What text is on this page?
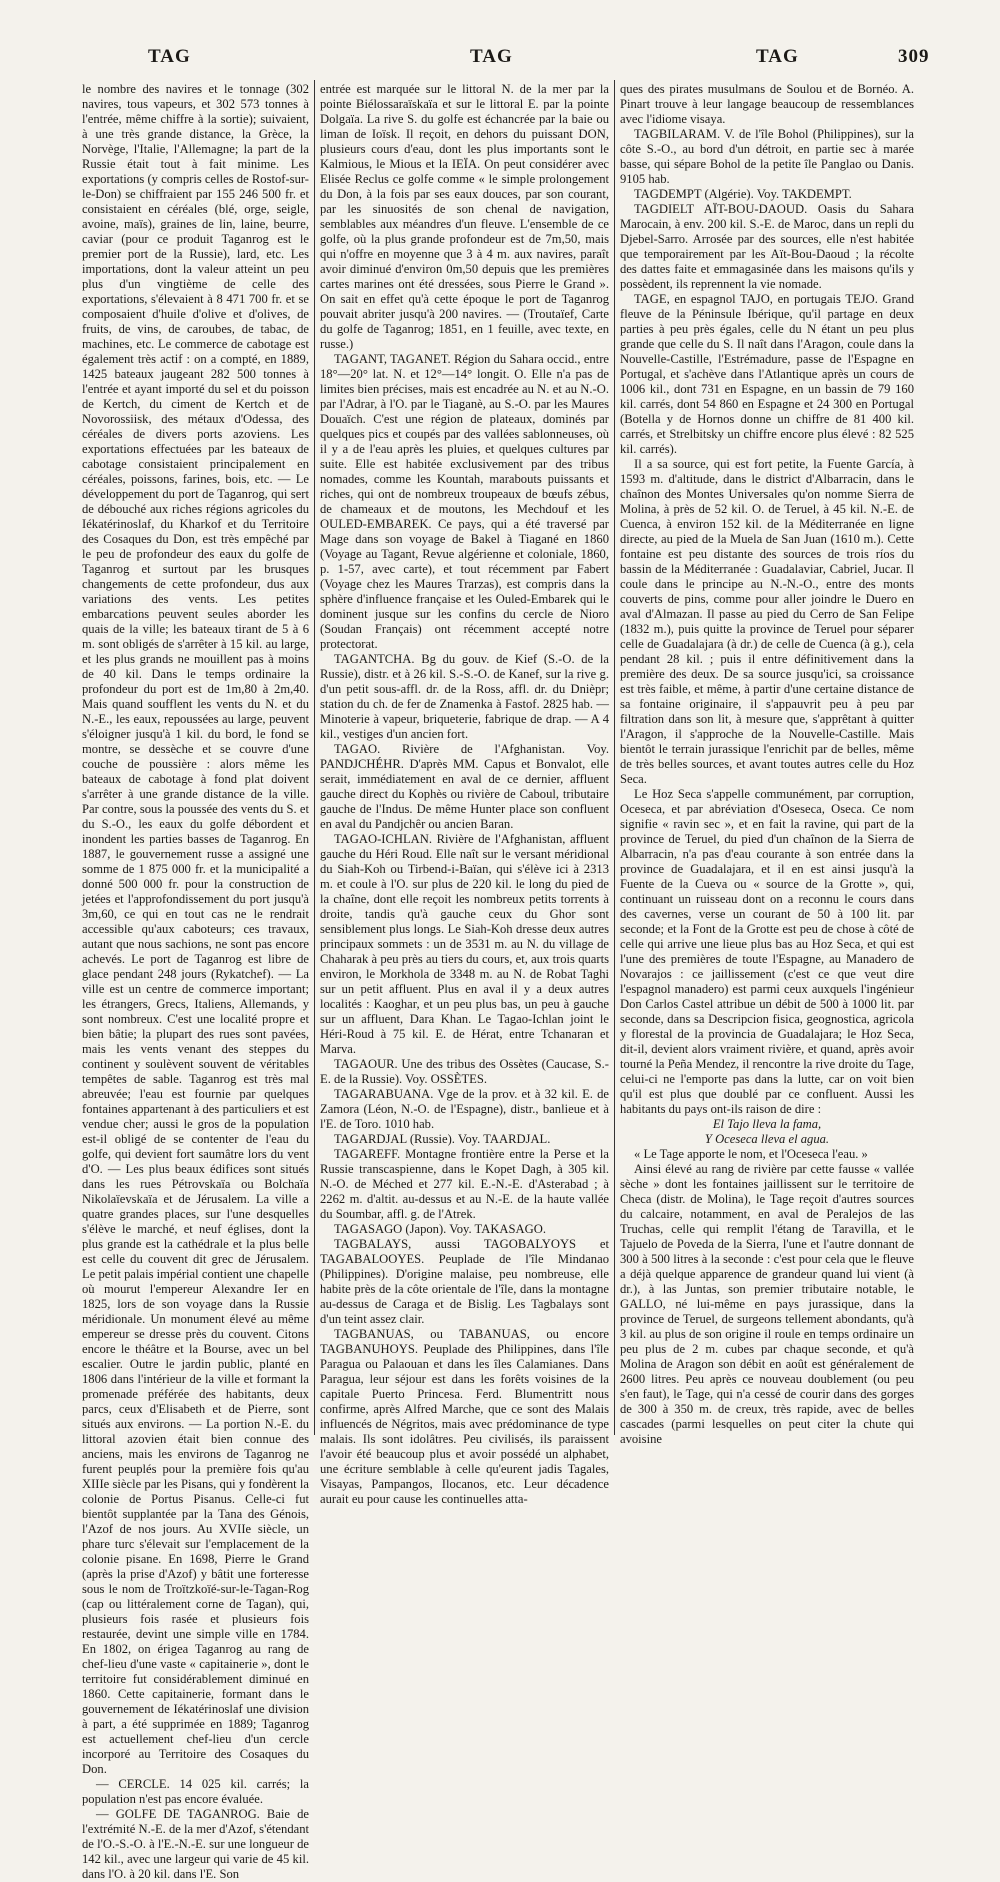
TAG	TAG	TAG	309

le nombre des navires et le tonnage (302 navires, tous vapeurs, et 302 573 tonnes à l'entrée, même chiffre à la sortie); suivaient, à une très grande distance, la Grèce, la Norvège, l'Italie, l'Allemagne; la part de la Russie était tout à fait minime. Les exportations (y compris celles de Rostof-sur-le-Don) se chiffraient par 155 246 500 fr. et consistaient en céréales (blé, orge, seigle, avoine, maïs), graines de lin, laine, beurre, caviar (pour ce produit Taganrog est le premier port de la Russie), lard, etc. Les importations, dont la valeur atteint un peu plus d'un vingtième de celle des exportations, s'élevaient à 8 471 700 fr. et se composaient d'huile d'olive et d'olives, de fruits, de vins, de caroubes, de tabac, de machines, etc. Le commerce de cabotage est également très actif : on a compté, en 1889, 1425 bateaux jaugeant 282 500 tonnes à l'entrée et ayant importé du sel et du poisson de Kertch, du ciment de Kertch et de Novorossiisk, des métaux d'Odessa, des céréales de divers ports azoviens. Les exportations effectuées par les bateaux de cabotage consistaient principalement en céréales, poissons, farines, bois, etc. — Le développement du port de Taganrog, qui sert de débouché aux riches régions agricoles du Iékatérinoslaf, du Kharkof et du Territoire des Cosaques du Don, est très empêché par le peu de profondeur des eaux du golfe de Taganrog et surtout par les brusques changements de cette profondeur, dus aux variations des vents. Les petites embarcations peuvent seules aborder les quais de la ville; les bateaux tirant de 5 à 6 m. sont obligés de s'arrêter à 15 kil. au large, et les plus grands ne mouillent pas à moins de 40 kil. Dans le temps ordinaire la profondeur du port est de 1m,80 à 2m,40. Mais quand soufflent les vents du N. et du N.-E., les eaux, repoussées au large, peuvent s'éloigner jusqu'à 1 kil. du bord, le fond se montre, se dessèche et se couvre d'une couche de poussière : alors même les bateaux de cabotage à fond plat doivent s'arrêter à une grande distance de la ville. Par contre, sous la poussée des vents du S. et du S.-O., les eaux du golfe débordent et inondent les parties basses de Taganrog. En 1887, le gouvernement russe a assigné une somme de 1 875 000 fr. et la municipalité a donné 500 000 fr. pour la construction de jetées et l'approfondissement du port jusqu'à 3m,60, ce qui en tout cas ne le rendrait accessible qu'aux caboteurs; ces travaux, autant que nous sachions, ne sont pas encore achevés. Le port de Taganrog est libre de glace pendant 248 jours (Rykatchef). — La ville est un centre de commerce important; les étrangers, Grecs, Italiens, Allemands, y sont nombreux. C'est une localité propre et bien bâtie; la plupart des rues sont pavées, mais les vents venant des steppes du continent y soulèvent souvent de véritables tempêtes de sable. Taganrog est très mal abreuvée; l'eau est fournie par quelques fontaines appartenant à des particuliers et est vendue cher; aussi le gros de la population est-il obligé de se contenter de l'eau du golfe, qui devient fort saumâtre lors du vent d'O. — Les plus beaux édifices sont situés dans les rues Pétrovskaïa ou Bolchaïa Nikolaïevskaïa et de Jérusalem. La ville a quatre grandes places, sur l'une desquelles s'élève le marché, et neuf églises, dont la plus grande est la cathédrale et la plus belle est celle du couvent dit grec de Jérusalem. Le petit palais impérial contient une chapelle où mourut l'empereur Alexandre Ier en 1825, lors de son voyage dans la Russie méridionale. Un monument élevé au même empereur se dresse près du couvent. Citons encore le théâtre et la Bourse, avec un bel escalier. Outre le jardin public, planté en 1806 dans l'intérieur de la ville et formant la promenade préférée des habitants, deux parcs, ceux d'Elisabeth et de Pierre, sont situés aux environs. — La portion N.-E. du littoral azovien était bien connue des anciens, mais les environs de Taganrog ne furent peuplés pour la première fois qu'au XIIIe siècle par les Pisans, qui y fondèrent la colonie de Portus Pisanus. Celle-ci fut bientôt supplantée par la Tana des Génois, l'Azof de nos jours. Au XVIIe siècle, un phare turc s'élevait sur l'emplacement de la colonie pisane. En 1698, Pierre le Grand (après la prise d'Azof) y bâtit une forteresse sous le nom de Troïtzkoïé-sur-le-Tagan-Rog (cap ou littéralement corne de Tagan), qui, plusieurs fois rasée et plusieurs fois restaurée, devint une simple ville en 1784. En 1802, on érigea Taganrog au rang de chef-lieu d'une vaste « capitainerie », dont le territoire fut considérablement diminué en 1860. Cette capitainerie, formant dans le gouvernement de Iékatérinoslaf une division à part, a été supprimée en 1889; Taganrog est actuellement chef-lieu d'un cercle incorporé au Territoire des Cosaques du Don.

— CERCLE. 14 025 kil. carrés; la population n'est pas encore évaluée.

— GOLFE DE TAGANROG. Baie de l'extrémité N.-E. de la mer d'Azof, s'étendant de l'O.-S.-O. à l'E.-N.-E. sur une longueur de 142 kil., avec une largeur qui varie de 45 kil. dans l'O. à 20 kil. dans l'E. Son

entrée est marquée sur le littoral N. de la mer par la pointe Biélossaraïskaïa et sur le littoral E. par la pointe Dolgaïa. La rive S. du golfe est échancrée par la baie ou liman de Ioïsk. Il reçoit, en dehors du puissant DON, plusieurs cours d'eau, dont les plus importants sont le Kalmious, le Mious et la IEÏA. On peut considérer avec Elisée Reclus ce golfe comme « le simple prolongement du Don, à la fois par ses eaux douces, par son courant, par les sinuosités de son chenal de navigation, semblables aux méandres d'un fleuve. L'ensemble de ce golfe, où la plus grande profondeur est de 7m,50, mais qui n'offre en moyenne que 3 à 4 m. aux navires, paraît avoir diminué d'environ 0m,50 depuis que les premières cartes marines ont été dressées, sous Pierre le Grand ». On sait en effet qu'à cette époque le port de Taganrog pouvait abriter jusqu'à 200 navires. — (Troutaïef, Carte du golfe de Taganrog; 1851, en 1 feuille, avec texte, en russe.)

TAGANT, TAGANET. Région du Sahara occid., entre 18°—20° lat. N. et 12°—14° longit. O. Elle n'a pas de limites bien précises, mais est encadrée au N. et au N.-O. par l'Adrar, à l'O. par le Tiaganè, au S.-O. par les Maures Douaïch. C'est une région de plateaux, dominés par quelques pics et coupés par des vallées sablonneuses, où il y a de l'eau après les pluies, et quelques cultures par suite. Elle est habitée exclusivement par des tribus nomades, comme les Kountah, marabouts puissants et riches, qui ont de nombreux troupeaux de bœufs zébus, de chameaux et de moutons, les Mechdouf et les OULED-EMBAREK. Ce pays, qui a été traversé par Mage dans son voyage de Bakel à Tiagané en 1860 (Voyage au Tagant, Revue algérienne et coloniale, 1860, p. 1-57, avec carte), et tout récemment par Fabert (Voyage chez les Maures Trarzas), est compris dans la sphère d'influence française et les Ouled-Embarek qui le dominent jusque sur les confins du cercle de Nioro (Soudan Français) ont récemment accepté notre protectorat.

TAGANTCHA. Bg du gouv. de Kief (S.-O. de la Russie), distr. et à 26 kil. S.-S.-O. de Kanef, sur la rive g. d'un petit sous-affl. dr. de la Ross, affl. dr. du Dnièpr; station du ch. de fer de Znamenka à Fastof. 2825 hab. — Minoterie à vapeur, briqueterie, fabrique de drap. — A 4 kil., vestiges d'un ancien fort.

TAGAO. Rivière de l'Afghanistan. Voy. PANDJCHÉHR. D'après MM. Capus et Bonvalot, elle serait, immédiatement en aval de ce dernier, affluent gauche direct du Kophès ou rivière de Caboul, tributaire gauche de l'Indus. De même Hunter place son confluent en aval du Pandjchêr ou ancien Baran.

TAGAO-ICHLAN. Rivière de l'Afghanistan, affluent gauche du Héri Roud. Elle naît sur le versant méridional du Siah-Koh ou Tirbend-i-Baïan, qui s'élève ici à 2313 m. et coule à l'O. sur plus de 220 kil. le long du pied de la chaîne, dont elle reçoit les nombreux petits torrents à droite, tandis qu'à gauche ceux du Ghor sont sensiblement plus longs. Le Siah-Koh dresse deux autres principaux sommets : un de 3531 m. au N. du village de Chaharak à peu près au tiers du cours, et, aux trois quarts environ, le Morkhola de 3348 m. au N. de Robat Taghi sur un petit affluent. Plus en aval il y a deux autres localités : Kaoghar, et un peu plus bas, un peu à gauche sur un affluent, Dara Khan. Le Tagao-Ichlan joint le Héri-Roud à 75 kil. E. de Hérat, entre Tchanaran et Marva.

TAGAOUR. Une des tribus des Ossètes (Caucase, S.-E. de la Russie). Voy. OSSÈTES.

TAGARABUANA. Vge de la prov. et à 32 kil. E. de Zamora (Léon, N.-O. de l'Espagne), distr., banlieue et à l'E. de Toro. 1010 hab.

TAGARDJAL (Russie). Voy. TAARDJAL.

TAGAREFF. Montagne frontière entre la Perse et la Russie transcaspienne, dans le Kopet Dagh, à 305 kil. N.-O. de Méched et 277 kil. E.-N.-E. d'Asterabad ; à 2262 m. d'altit. au-dessus et au N.-E. de la haute vallée du Soumbar, affl. g. de l'Atrek.

TAGASAGO (Japon). Voy. TAKASAGO.

TAGBALAYS, aussi TAGOBALYOYS et TAGABALOOYES. Peuplade de l'île Mindanao (Philippines). D'origine malaise, peu nombreuse, elle habite près de la côte orientale de l'île, dans la montagne au-dessus de Caraga et de Bislig. Les Tagbalays sont d'un teint assez clair.

TAGBANUAS, ou TABANUAS, ou encore TAGBANUHOYS. Peuplade des Philippines, dans l'île Paragua ou Palaouan et dans les îles Calamianes. Dans Paragua, leur séjour est dans les forêts voisines de la capitale Puerto Princesa. Ferd. Blumentritt nous confirme, après Alfred Marche, que ce sont des Malais influencés de Négritos, mais avec prédominance de type malais. Ils sont idolâtres. Peu civilisés, ils paraissent l'avoir été beaucoup plus et avoir possédé un alphabet, une écriture semblable à celle qu'eurent jadis Tagales, Visayas, Pampangos, Ilocanos, etc. Leur décadence aurait eu pour cause les continuelles atta-

ques des pirates musulmans de Soulou et de Bornéo. A. Pinart trouve à leur langage beaucoup de ressemblances avec l'idiome visaya.

TAGBILARAM. V. de l'île Bohol (Philippines), sur la côte S.-O., au bord d'un détroit, en partie sec à marée basse, qui sépare Bohol de la petite île Panglao ou Danis. 9105 hab.

TAGDEMPT (Algérie). Voy. TAKDEMPT.

TAGDIELT AÏT-BOU-DAOUD. Oasis du Sahara Marocain, à env. 200 kil. S.-E. de Maroc, dans un repli du Djebel-Sarro. Arrosée par des sources, elle n'est habitée que temporairement par les Aït-Bou-Daoud ; la récolte des dattes faite et emmagasinée dans les maisons qu'ils y possèdent, ils reprennent la vie nomade.

TAGE, en espagnol TAJO, en portugais TEJO. Grand fleuve de la Péninsule Ibérique, qu'il partage en deux parties à peu près égales, celle du N étant un peu plus grande que celle du S. Il naît dans l'Aragon, coule dans la Nouvelle-Castille, l'Estrémadure, passe de l'Espagne en Portugal, et s'achève dans l'Atlantique après un cours de 1006 kil., dont 731 en Espagne, en un bassin de 79 160 kil. carrés, dont 54 860 en Espagne et 24 300 en Portugal (Botella y de Hornos donne un chiffre de 81 400 kil. carrés, et Strelbitsky un chiffre encore plus élevé : 82 525 kil. carrés).

Il a sa source, qui est fort petite, la Fuente García, à 1593 m. d'altitude, dans le district d'Albarracin, dans le chaînon des Montes Universales qu'on nomme Sierra de Molina, à près de 52 kil. O. de Teruel, à 45 kil. N.-E. de Cuenca, à environ 152 kil. de la Méditerranée en ligne directe, au pied de la Muela de San Juan (1610 m.). Cette fontaine est peu distante des sources de trois ríos du bassin de la Méditerranée : Guadalaviar, Cabriel, Jucar. Il coule dans le principe au N.-N.-O., entre des monts couverts de pins, comme pour aller joindre le Duero en aval d'Almazan. Il passe au pied du Cerro de San Felipe (1832 m.), puis quitte la province de Teruel pour séparer celle de Guadalajara (à dr.) de celle de Cuenca (à g.), cela pendant 28 kil. ; puis il entre définitivement dans la première des deux. De sa source jusqu'ici, sa croissance est très faible, et même, à partir d'une certaine distance de sa fontaine originaire, il s'appauvrit peu à peu par filtration dans son lit, à mesure que, s'apprêtant à quitter l'Aragon, il s'approche de la Nouvelle-Castille. Mais bientôt le terrain jurassique l'enrichit par de belles, même de très belles sources, et avant toutes autres celle du Hoz Seca.

Le Hoz Seca s'appelle communément, par corruption, Oceseca, et par abréviation d'Oseseca, Oseca. Ce nom signifie « ravin sec », et en fait la ravine, qui part de la province de Teruel, du pied d'un chaînon de la Sierra de Albarracin, n'a pas d'eau courante à son entrée dans la province de Guadalajara, et il en est ainsi jusqu'à la Fuente de la Cueva ou « source de la Grotte », qui, continuant un ruisseau dont on a reconnu le cours dans des cavernes, verse un courant de 50 à 100 lit. par seconde; et la Font de la Grotte est peu de chose à côté de celle qui arrive une lieue plus bas au Hoz Seca, et qui est l'une des premières de toute l'Espagne, au Manadero de Novarajos : ce jaillissement (c'est ce que veut dire l'espagnol manadero) est parmi ceux auxquels l'ingénieur Don Carlos Castel attribue un débit de 500 à 1000 lit. par seconde, dans sa Descripcion fisica, geognostica, agricola y florestal de la provincia de Guadalajara; le Hoz Seca, dit-il, devient alors vraiment rivière, et quand, après avoir tourné la Peña Mendez, il rencontre la rive droite du Tage, celui-ci ne l'emporte pas dans la lutte, car on voit bien qu'il est plus que doublé par ce confluent. Aussi les habitants du pays ont-ils raison de dire :

El Tajo lleva la fama,

Y Oceseca lleva el agua.

« Le Tage apporte le nom, et l'Oceseca l'eau. »

Ainsi élevé au rang de rivière par cette fausse « vallée sèche » dont les fontaines jaillissent sur le territoire de Checa (distr. de Molina), le Tage reçoit d'autres sources du calcaire, notamment, en aval de Peralejos de las Truchas, celle qui remplit l'étang de Taravilla, et le Tajuelo de Poveda de la Sierra, l'une et l'autre donnant de 300 à 500 litres à la seconde : c'est pour cela que le fleuve a déjà quelque apparence de grandeur quand lui vient (à dr.), à las Juntas, son premier tributaire notable, le GALLO, né lui-même en pays jurassique, dans la province de Teruel, de surgeons tellement abondants, qu'à 3 kil. au plus de son origine il roule en temps ordinaire un peu plus de 2 m. cubes par chaque seconde, et qu'à Molina de Aragon son débit en août est généralement de 2600 litres. Peu après ce nouveau doublement (ou peu s'en faut), le Tage, qui n'a cessé de courir dans des gorges de 300 à 350 m. de creux, très rapide, avec de belles cascades (parmi lesquelles on peut citer la chute qui avoisine
